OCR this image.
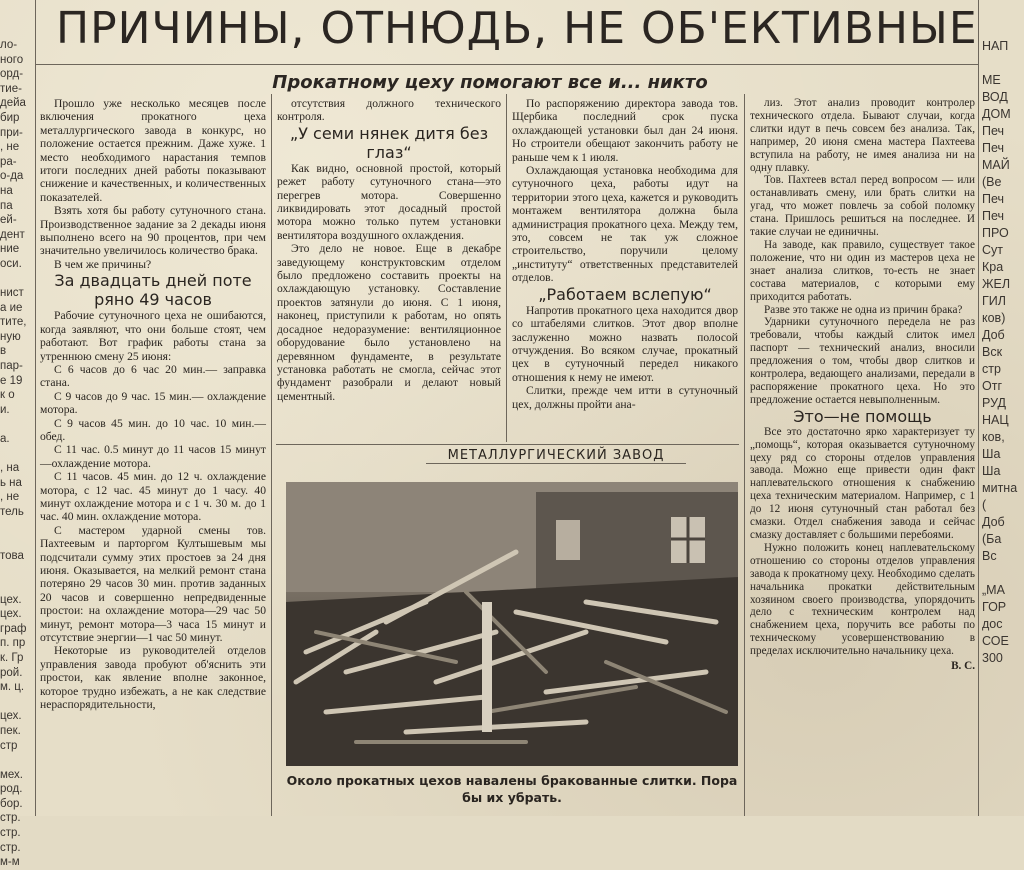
ло-
ного
орд-
тие-
дейа
бир
при-
, не
ра-
о-да
на
па
ей-
дент
ние
оси.

нист
а ие
тите,
ную
в
пар-
е 19
к о
и.

а.

, на
ь на
, не
тель

това

цех.
цех.
граф
п. пр
к. Гр
рой.
м. ц.

цех.
пек.
стр

мех.
род.
бор.
стр.
стр.
стр.
м-м
НАП

МЕ
ВОД
ДОМ
Печ
Печ
МАЙ
(Ве
Печ
Печ
ПРО
Сут
Кра
ЖЕЛ
ГИЛ
ков)
Доб
Вск
стр
Отг
РУД
НАЦ
ков,
Ша
Ша
митна
(
Доб
(Ба
Вс

„МА
ГОР
дос
СОЕ
300
ПРИЧИНЫ, ОТНЮДЬ, НЕ ОБ'ЕКТИВНЫЕ
Прокатному цеху помогают все и... никто

Прошло уже несколько месяцев после включения прокатного цеха металлургического завода в конкурс, но положение остается прежним. Даже хуже. 1 место необходимого нарастания темпов итоги последних дней работы показывают снижение и качественных, и количественных показателей.

Взять хотя бы работу сутуночного стана. Производственное задание за 2 декады июня выполнено всего на 90 процентов, при чем значительно увеличилось количество брака.

В чем же причины?

За двадцать дней поте ряно 49 часов

Рабочие сутуночного цеха не ошибаются, когда заявляют, что они больше стоят, чем работают. Вот график работы стана за утреннюю смену 25 июня:

С 6 часов до 6 час 20 мин.— заправка стана.

С 9 часов до 9 час. 15 мин.— охлаждение мотора.

С 9 часов 45 мин. до 10 час. 10 мин.— обед.

С 11 час. 0.5 минут до 11 часов 15 минут—охлаждение мотора.

С 11 часов. 45 мин. до 12 ч. охлаждение мотора, с 12 час. 45 минут до 1 часу. 40 минут охлаждение мотора и с 1 ч. 30 м. до 1 час. 40 мин. охлаждение мотора.

С мастером ударной смены тов. Пахтеевым и парторгом Култышевым мы подсчитали сумму этих простоев за 24 дня июня. Оказывается, на мелкий ремонт стана потеряно 29 часов 30 мин. против заданных 20 часов и совершенно непредвиденные простои: на охлаждение мотора—29 час 50 минут, ремонт мотора—3 часа 15 минут и отсутствие энергии—1 час 50 минут.

Некоторые из руководителей отделов управления завода пробуют об'яснить эти простои, как явление вполне законное, которое трудно избежать, а не как следствие нераспорядительности,

отсутствия должного технического контроля.

„У семи нянек дитя без глаз“

Как видно, основной простой, который режет работу сутуночного стана—это перегрев мотора. Совершенно ликвидировать этот досадный простой мотора можно только путем установки вентилятора воздушного охлаждения.

Это дело не новое. Еще в декабре заведующему конструктовским отделом было предложено составить проекты на охлаждающую установку. Составление проектов затянули до июня. С 1 июня, наконец, приступили к работам, но опять досадное недоразумение: вентиляционное оборудование было установлено на деревянном фундаменте, в результате установка работать не смогла, сейчас этот фундамент разобрали и делают новый цементный.

По распоряжению директора завода тов. Щербика последний срок пуска охлаждающей установки был дан 24 июня. Но строители обещают закончить работу не раньше чем к 1 июля.

Охлаждающая установка необходима для сутуночного цеха, работы идут на территории этого цеха, кажется и руководить монтажем вентилятора должна была администрация прокатного цеха. Между тем, это, совсем не так уж сложное строительство, поручили целому „институту“ ответственных представителей отделов.

„Работаем вслепую“

Напротив прокатного цеха находится двор со штабелями слитков. Этот двор вполне заслуженно можно назвать полосой отчуждения. Во всяком случае, прокатный цех в сутуночный передел никакого отношения к нему не имеют.

Слитки, прежде чем итти в сутуночный цех, должны пройти ана-

лиз. Этот анализ проводит контролер технического отдела. Бывают случаи, когда слитки идут в печь совсем без анализа. Так, например, 20 июня смена мастера Пахтеева вступила на работу, не имея анализа ни на одну плавку.

Тов. Пахтеев встал перед вопросом — или останавливать смену, или брать слитки на угад, что может повлечь за собой поломку стана. Пришлось решиться на последнее. И такие случаи не единичны.

На заводе, как правило, существует такое положение, что ни один из мастеров цеха не знает анализа слитков, то-есть не знает состава материалов, с которыми ему приходится работать.

Разве это также не одна из причин брака?

Ударники сутуночного передела не раз требовали, чтобы каждый слиток имел паспорт — технический анализ, вносили предложения о том, чтобы двор слитков и контролера, ведающего анализами, передали в распоряжение прокатного цеха. Но это предложение остается невыполненным.

Это—не помощь

Все это достаточно ярко характеризует ту „помощь“, которая оказывается сутуночному цеху ряд со стороны отделов управления завода. Можно еще привести один факт наплевательского отношения к снабжению цеха техническим материалом. Например, с 1 до 12 июня сутуночный стан работал без смазки. Отдел снабжения завода и сейчас смазку доставляет с большими перебоями.

Нужно положить конец наплевательскому отношению со стороны отделов управления завода к прокатному цеху. Необходимо сделать начальника прокатки действительным хозяином своего производства, упорядочить дело с техническим контролем над снабжением цеха, поручить все работы по техническому усовершенствованию в пределах исключительно начальнику цеха.

В. С.
МЕТАЛЛУРГИЧЕСКИЙ ЗАВОД
Около прокатных цехов навалены бракованные слитки. Пора бы их убрать.
